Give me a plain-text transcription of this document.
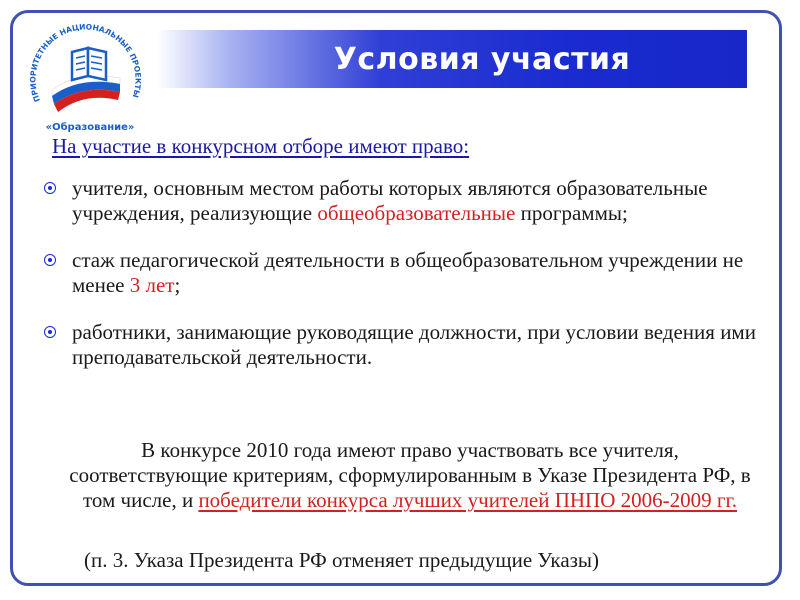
ПРИОРИТЕТНЫЕ НАЦИОНАЛЬНЫЕ ПРОЕКТЫ
«Образование»
Условия участия
На участие в конкурсном отборе имеют право:
учителя, основным местом работы которых являются образовательные учреждения, реализующие общеобразовательные программы;
стаж педагогической деятельности в общеобразовательном учреждении не менее 3 лет;
работники, занимающие руководящие должности, при условии ведения ими преподавательской деятельности.
В конкурсе 2010 года имеют право участвовать все учителя, соответствующие критериям, сформулированным в Указе Президента РФ, в том числе, и победители конкурса лучших учителей ПНПО 2006-2009 гг.
(п. 3. Указа Президента РФ отменяет предыдущие Указы)
